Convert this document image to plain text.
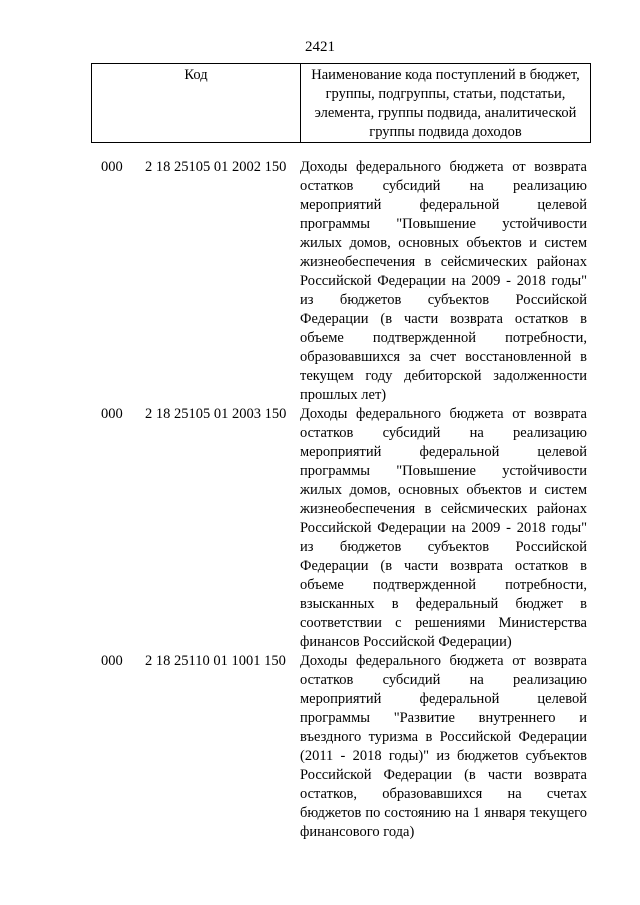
2421
Код	Наименование кода поступлений в бюджет, группы, подгруппы, статьи, подстатьи, элемента, группы подвида, аналитической группы подвида доходов
000 2 18 25105 01 2002 150 Доходы федерального бюджета от возврата остатков субсидий на реализацию мероприятий федеральной целевой программы "Повышение устойчивости жилых домов, основных объектов и систем жизнеобеспечения в сейсмических районах Российской Федерации на 2009 - 2018 годы" из бюджетов субъектов Российской Федерации (в части возврата остатков в объеме подтвержденной потребности, образовавшихся за счет восстановленной в текущем году дебиторской задолженности прошлых лет)
000 2 18 25105 01 2003 150 Доходы федерального бюджета от возврата остатков субсидий на реализацию мероприятий федеральной целевой программы "Повышение устойчивости жилых домов, основных объектов и систем жизнеобеспечения в сейсмических районах Российской Федерации на 2009 - 2018 годы" из бюджетов субъектов Российской Федерации (в части возврата остатков в объеме подтвержденной потребности, взысканных в федеральный бюджет в соответствии с решениями Министерства финансов Российской Федерации)
000 2 18 25110 01 1001 150 Доходы федерального бюджета от возврата остатков субсидий на реализацию мероприятий федеральной целевой программы "Развитие внутреннего и въездного туризма в Российской Федерации (2011 - 2018 годы)" из бюджетов субъектов Российской Федерации (в части возврата остатков, образовавшихся на счетах бюджетов по состоянию на 1 января текущего финансового года)
